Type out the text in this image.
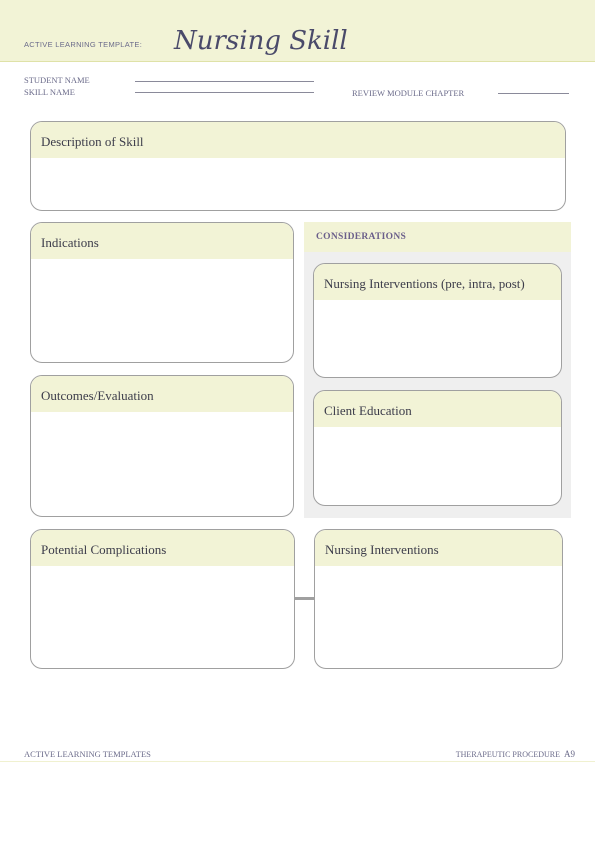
ACTIVE LEARNING TEMPLATE: Nursing Skill
STUDENT NAME
SKILL NAME	REVIEW MODULE CHAPTER
Description of Skill
Indications
Outcomes/Evaluation
CONSIDERATIONS
Nursing Interventions (pre, intra, post)
Client Education
Potential Complications	Nursing Interventions
ACTIVE LEARNING TEMPLATES	THERAPEUTIC PROCEDURE A9
